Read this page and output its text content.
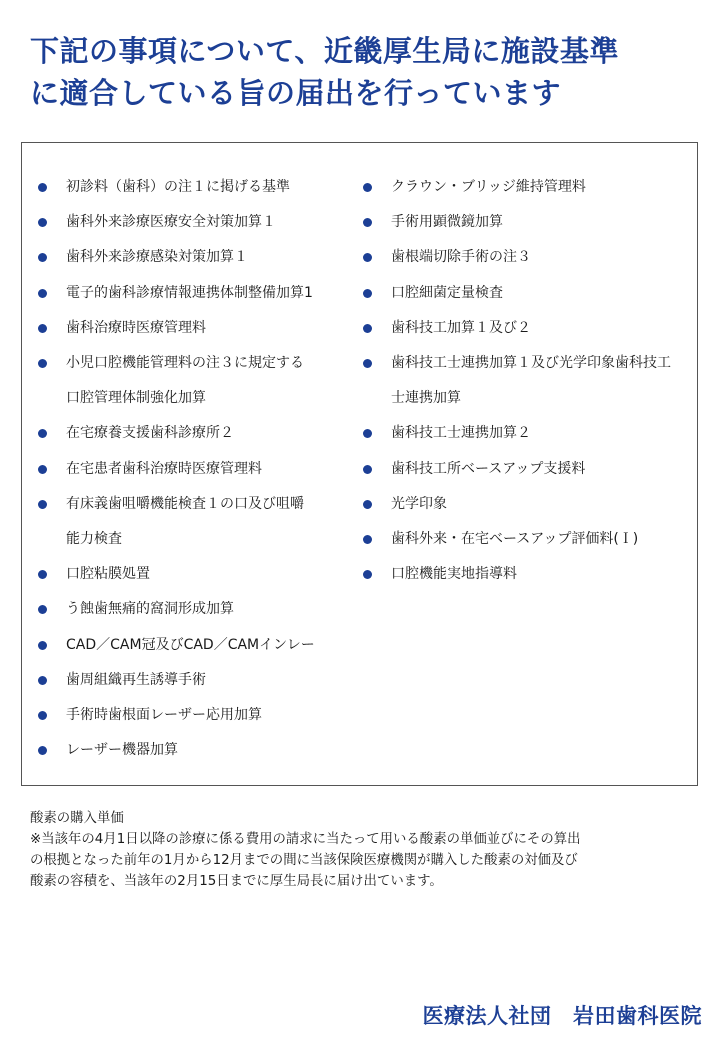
下記の事項について、近畿厚生局に施設基準
に適合している旨の届出を行っています
初診料（歯科）の注１に掲げる基準
歯科外来診療医療安全対策加算１
歯科外来診療感染対策加算１
電子的歯科診療情報連携体制整備加算1
歯科治療時医療管理料
小児口腔機能管理料の注３に規定する
口腔管理体制強化加算
在宅療養支援歯科診療所２
在宅患者歯科治療時医療管理料
有床義歯咀嚼機能検査１の口及び咀嚼
能力検査
口腔粘膜処置
う蝕歯無痛的窩洞形成加算
CAD／CAM冠及びCAD／CAMインレー
歯周組織再生誘導手術
手術時歯根面レーザー応用加算
レーザー機器加算
クラウン・ブリッジ維持管理料
手術用顕微鏡加算
歯根端切除手術の注３
口腔細菌定量検査
歯科技工加算１及び２
歯科技工士連携加算１及び光学印象歯科技工
士連携加算
歯科技工士連携加算２
歯科技工所ベースアップ支援料
光学印象
歯科外来・在宅ベースアップ評価料(Ｉ)
口腔機能実地指導料
酸素の購入単価
※当該年の4月1日以降の診療に係る費用の請求に当たって用いる酸素の単価並びにその算出
の根拠となった前年の1月から12月までの間に当該保険医療機関が購入した酸素の対価及び
酸素の容積を、当該年の2月15日までに厚生局長に届け出ています。
医療法人社団　岩田歯科医院
